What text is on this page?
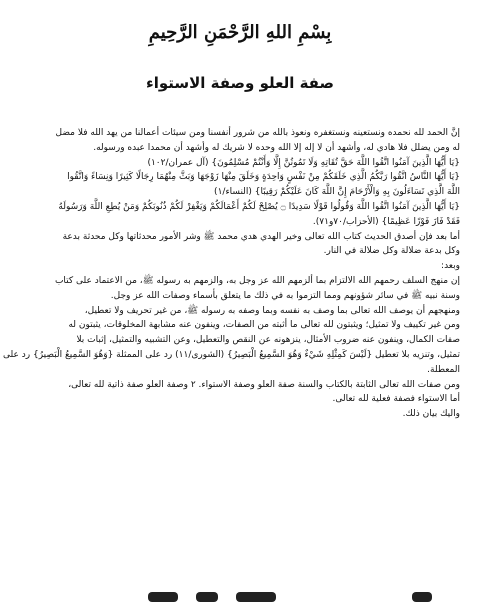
بِسْمِ اللهِ الرَّحْمَنِ الرَّحِيمِ
صفة العلو وصفة الاستواء

إنَّ الحمد لله نحمده ونستعينه ونستغفره ونعوذ بالله من شرور أنفسنا ومن سيئات أعمالنا من يهد الله فلا مضل

له ومن يضلل فلا هادي له، وأشهد أن لا إله إلا الله وحده لا شريك له وأشهد أن محمدا عبده ورسوله.

{يَا أَيُّهَا الَّذِينَ آمَنُوا اتَّقُوا اللَّهَ حَقَّ تُقَاتِهِ وَلَا تَمُوتُنَّ إِلَّا وَأَنْتُمْ مُسْلِمُونَ} (آل عمران/١٠٢)

{يَا أَيُّهَا النَّاسُ اتَّقُوا رَبَّكُمُ الَّذِي خَلَقَكُمْ مِنْ نَفْسٍ وَاحِدَةٍ وَخَلَقَ مِنْهَا زَوْجَهَا وَبَثَّ مِنْهُمَا رِجَالًا كَثِيرًا وَنِسَاءً وَاتَّقُوا

اللَّهَ الَّذِي تَسَاءَلُونَ بِهِ وَالْأَرْحَامَ إِنَّ اللَّهَ كَانَ عَلَيْكُمْ رَقِيبًا} (النساء/١)

{يَا أَيُّهَا الَّذِينَ آمَنُوا اتَّقُوا اللَّهَ وَقُولُوا قَوْلًا سَدِيدًا ۝ يُصْلِحْ لَكُمْ أَعْمَالَكُمْ وَيَغْفِرْ لَكُمْ ذُنُوبَكُمْ وَمَنْ يُطِعِ اللَّهَ وَرَسُولَهُ

فَقَدْ فَازَ فَوْزًا عَظِيمًا} (الأحزاب/٧٠و٧١).

أما بعد فإن أصدق الحديث كتاب الله تعالى وخير الهدي هدي محمد ﷺ وشر الأمور محدثاتها وكل محدثة بدعة

وكل بدعة ضلالة وكل ضلالة في النار.

وبعد:

إن منهج السلف رحمهم الله الالتزام بما ألزمهم الله عز وجل به، والزمهم به رسوله ﷺ، من الاعتماد على كتاب

وسنة نبيه ﷺ في سائر شؤونهم ومما التزموا به في ذلك ما يتعلق بأسماء وصفات الله عز وجل.

ومنهجهم أن يوصف الله تعالى بما وصف به نفسه وبما وصفه به رسوله ﷺ، من غير تحريف ولا تعطيل،

ومن غير تكييف ولا تمثيل؛ ويثبتون لله تعالى ما أثبته من الصفات، وينفون عنه مشابهة المخلوقات، يثبتون له

صفات الكمال، وينفون عنه ضروب الأمثال، ينزهونه عن النقص والتعطيل، وعن التشبيه والتمثيل، إثبات بلا

تمثيل، وتنزيه بلا تعطيل {لَيْسَ كَمِثْلِهِ شَيْءٌ وَهُوَ السَّمِيعُ الْبَصِيرُ} (الشورى/١١) رد على الممثلة {وَهُوَ السَّمِيعُ الْبَصِيرُ} رد على

المعطلة.

ومن صفات الله تعالى الثابتة بالكتاب والسنة صفة العلو وصفة الاستواء. ٢ وصفة العلو صفة ذاتية لله تعالى،

أما الاستواء فصفة فعلية لله تعالى.

واليك بيان ذلك.
